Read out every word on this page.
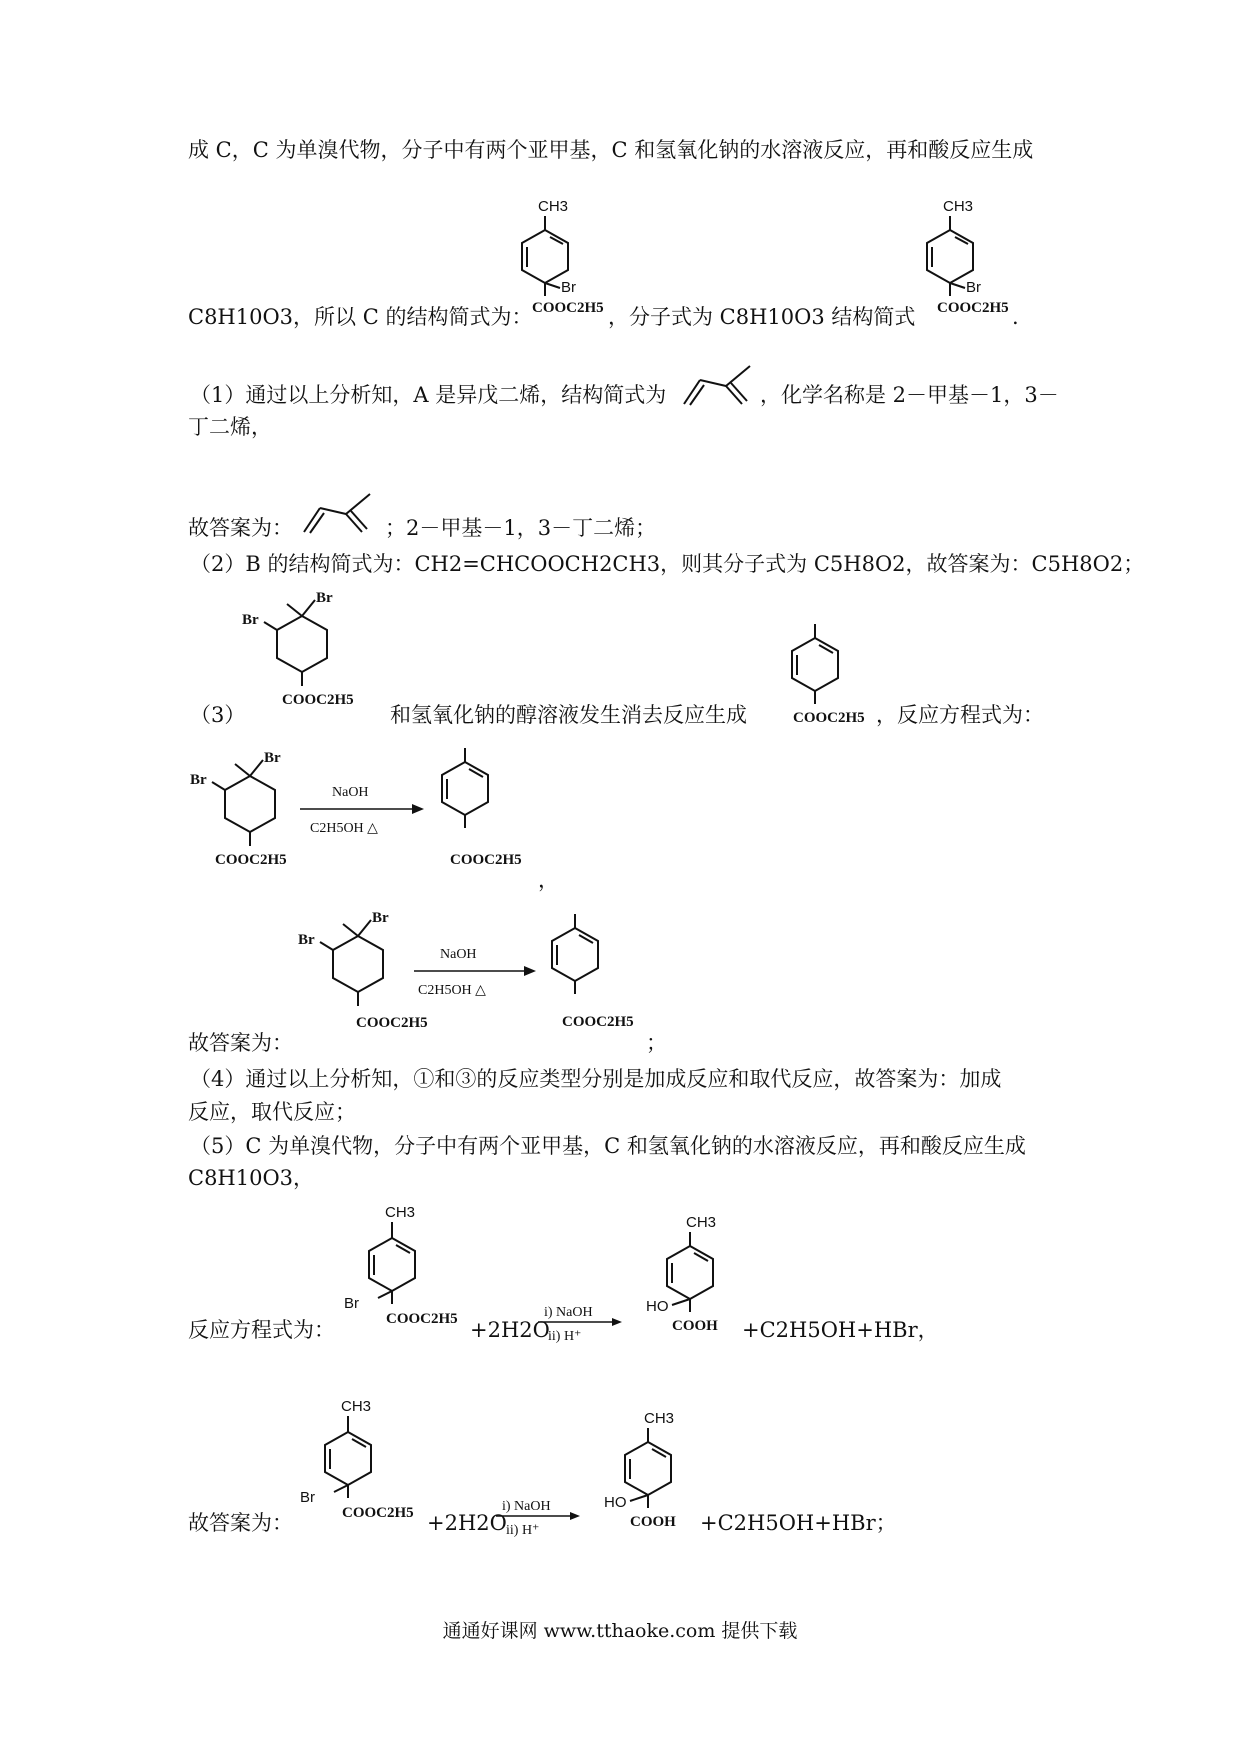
成 C，C 为单溴代物，分子中有两个亚甲基，C 和氢氧化钠的水溶液反应，再和酸反应生成
C8H10O3，所以 C 的结构简式为：	，分子式为 C8H10O3 结构简式	.
（1）通过以上分析知，A 是异戊二烯，结构简式为	，化学名称是 2－甲基－1，3－
丁二烯，
故答案为：	；2－甲基－1，3－丁二烯；
（2）B 的结构简式为：CH2=CHCOOCH2CH3，则其分子式为 C5H8O2，故答案为：C5H8O2；
（3）	和氢氧化钠的醇溶液发生消去反应生成	，反应方程式为：
，
故答案为：	；
（4）通过以上分析知，①和③的反应类型分别是加成反应和取代反应，故答案为：加成
反应，取代反应；
（5）C 为单溴代物，分子中有两个亚甲基，C 和氢氧化钠的水溶液反应，再和酸反应生成
C8H10O3，
反应方程式为：	+2H2O	+C2H5OH+HBr，
故答案为：	+2H2O	+C2H5OH+HBr；
CH3
Br
COOC2H5
CH3
Br
COOC2H5
Br
Br
COOC2H5
COOC2H5
Br
Br
COOC2H5
NaOH
C2H5OH △
COOC2H5
Br
Br
COOC2H5
NaOH
C2H5OH △
COOC2H5
CH3
Br
COOC2H5	i) NaOH
ii) H⁺
CH3
HO
COOH
CH3
Br
COOC2H5	i) NaOH
ii) H⁺
CH3
HO
COOH
通通好课网 www.tthaoke.com 提供下载
